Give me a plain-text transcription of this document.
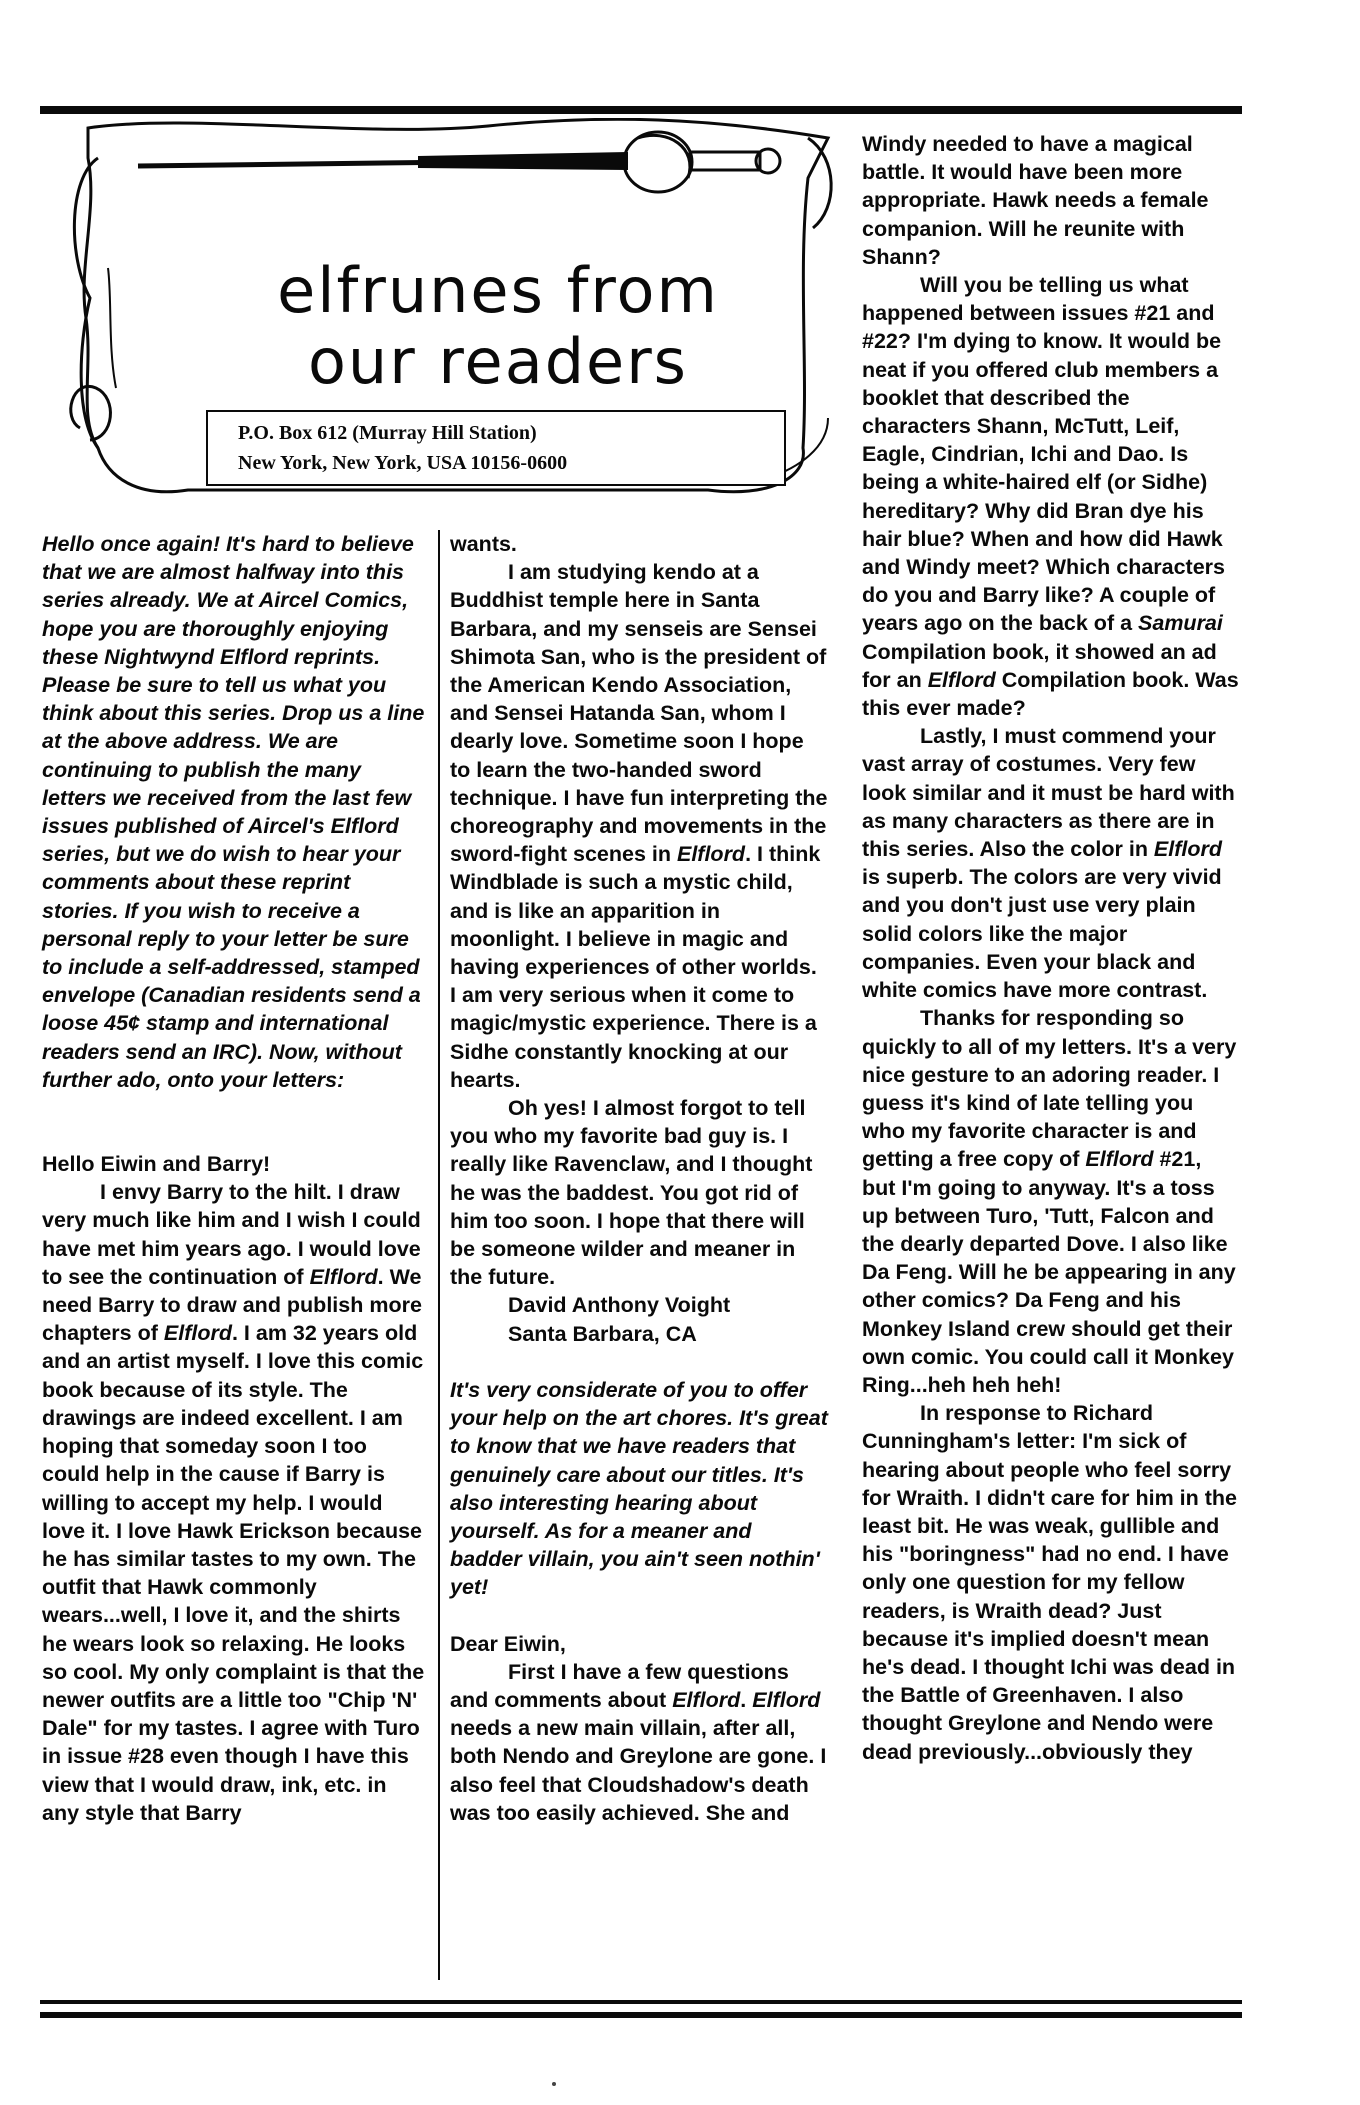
elfrunes from
our readers
P.O. Box 612 (Murray Hill Station)
New York, New York, USA 10156-0600

Hello once again! It's hard to believe that we are almost halfway into this series already. We at Aircel Comics, hope you are thoroughly enjoying these Nightwynd Elflord reprints. Please be sure to tell us what you think about this series. Drop us a line at the above address. We are continuing to publish the many letters we received from the last few issues published of Aircel's Elflord series, but we do wish to hear your comments about these reprint stories. If you wish to receive a personal reply to your letter be sure to include a self-addressed, stamped envelope (Canadian residents send a loose 45¢ stamp and international readers send an IRC). Now, without further ado, onto your letters:

Hello Eiwin and Barry!

I envy Barry to the hilt. I draw very much like him and I wish I could have met him years ago. I would love to see the continuation of Elflord. We need Barry to draw and publish more chapters of Elflord. I am 32 years old and an artist myself. I love this comic book because of its style. The drawings are indeed excellent. I am hoping that someday soon I too could help in the cause if Barry is willing to accept my help. I would love it. I love Hawk Erickson because he has similar tastes to my own. The outfit that Hawk commonly wears...well, I love it, and the shirts he wears look so relaxing. He looks so cool. My only complaint is that the newer outfits are a little too "Chip 'N' Dale" for my tastes. I agree with Turo in issue #28 even though I have this view that I would draw, ink, etc. in any style that Barry

wants.

I am studying kendo at a Buddhist temple here in Santa Barbara, and my senseis are Sensei Shimota San, who is the president of the American Kendo Association, and Sensei Hatanda San, whom I dearly love. Sometime soon I hope to learn the two-handed sword technique. I have fun interpreting the choreography and movements in the sword-fight scenes in Elflord. I think Windblade is such a mystic child, and is like an apparition in moonlight. I believe in magic and having experiences of other worlds. I am very serious when it come to magic/mystic experience. There is a Sidhe constantly knocking at our hearts.

Oh yes! I almost forgot to tell you who my favorite bad guy is. I really like Ravenclaw, and I thought he was the baddest. You got rid of him too soon. I hope that there will be someone wilder and meaner in the future.

David Anthony Voight

Santa Barbara, CA

It's very considerate of you to offer your help on the art chores. It's great to know that we have readers that genuinely care about our titles. It's also interesting hearing about yourself. As for a meaner and badder villain, you ain't seen nothin' yet!

Dear Eiwin,

First I have a few questions and comments about Elflord. Elflord needs a new main villain, after all, both Nendo and Greylone are gone. I also feel that Cloudshadow's death was too easily achieved. She and

Windy needed to have a magical battle. It would have been more appropriate. Hawk needs a female companion. Will he reunite with Shann?

Will you be telling us what happened between issues #21 and #22? I'm dying to know. It would be neat if you offered club members a booklet that described the characters Shann, McTutt, Leif, Eagle, Cindrian, Ichi and Dao. Is being a white-haired elf (or Sidhe) hereditary? Why did Bran dye his hair blue? When and how did Hawk and Windy meet? Which characters do you and Barry like? A couple of years ago on the back of a Samurai Compilation book, it showed an ad for an Elflord Compilation book. Was this ever made?

Lastly, I must commend your vast array of costumes. Very few look similar and it must be hard with as many characters as there are in this series. Also the color in Elflord is superb. The colors are very vivid and you don't just use very plain solid colors like the major companies. Even your black and white comics have more contrast.

Thanks for responding so quickly to all of my letters. It's a very nice gesture to an adoring reader. I guess it's kind of late telling you who my favorite character is and getting a free copy of Elflord #21, but I'm going to anyway. It's a toss up between Turo, 'Tutt, Falcon and the dearly departed Dove. I also like Da Feng. Will he be appearing in any other comics? Da Feng and his Monkey Island crew should get their own comic. You could call it Monkey Ring...heh heh heh!

In response to Richard Cunningham's letter: I'm sick of hearing about people who feel sorry for Wraith. I didn't care for him in the least bit. He was weak, gullible and his "boringness" had no end. I have only one question for my fellow readers, is Wraith dead? Just because it's implied doesn't mean he's dead. I thought Ichi was dead in the Battle of Greenhaven. I also thought Greylone and Nendo were dead previously...obviously they
